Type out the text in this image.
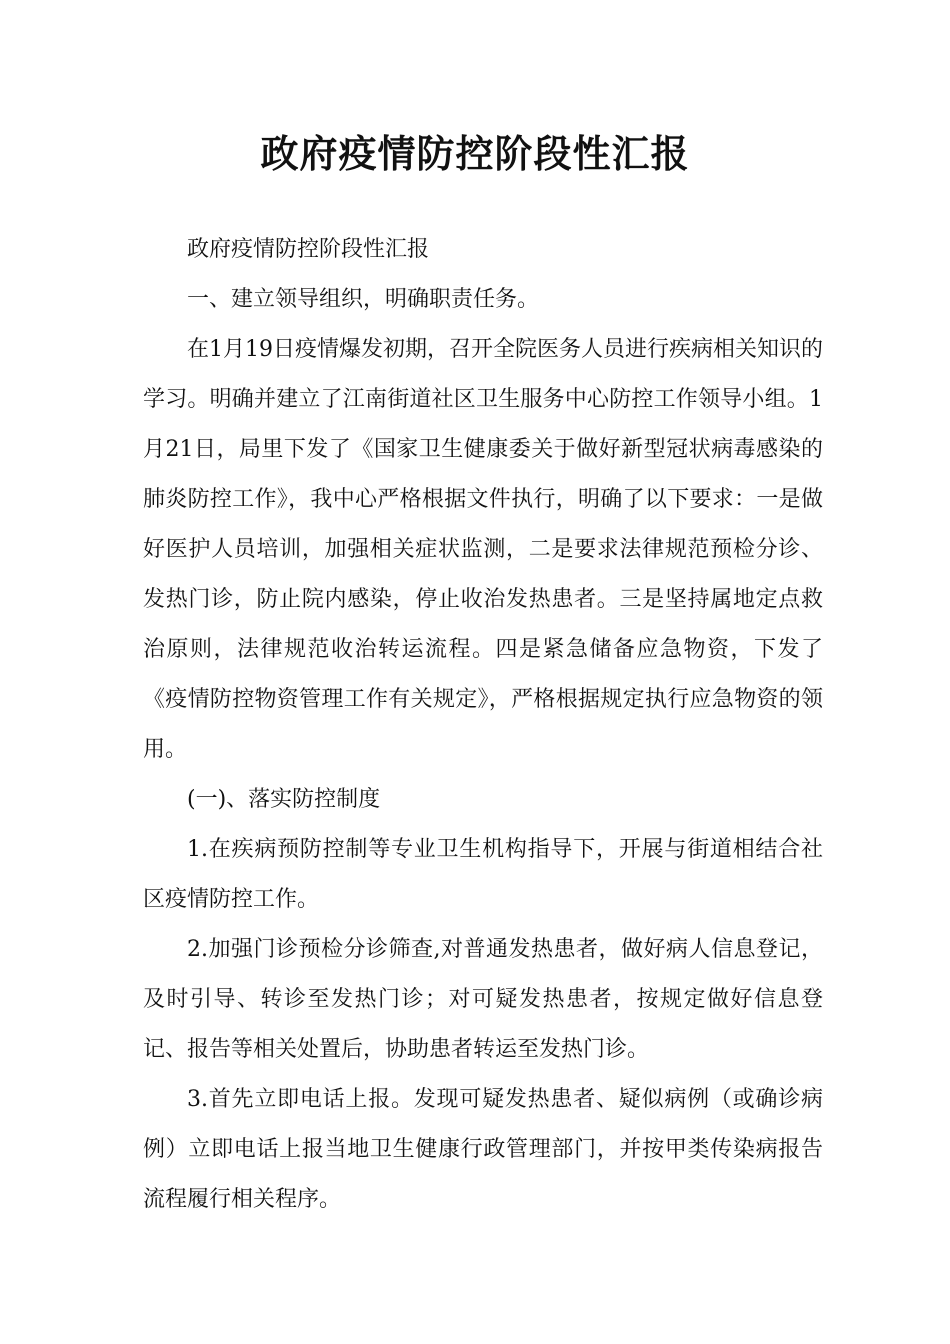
政府疫情防控阶段性汇报

政府疫情防控阶段性汇报

一、建立领导组织，明确职责任务。

在1月19日疫情爆发初期，召开全院医务人员进行疾病相关知识的学习。明确并建立了江南街道社区卫生服务中心防控工作领导小组。1月21日，局里下发了《国家卫生健康委关于做好新型冠状病毒感染的肺炎防控工作》，我中心严格根据文件执行，明确了以下要求：一是做好医护人员培训，加强相关症状监测，二是要求法律规范预检分诊、发热门诊，防止院内感染，停止收治发热患者。三是坚持属地定点救治原则，法律规范收治转运流程。四是紧急储备应急物资，下发了《疫情防控物资管理工作有关规定》，严格根据规定执行应急物资的领用。

(一)、落实防控制度

1.在疾病预防控制等专业卫生机构指导下，开展与街道相结合社区疫情防控工作。

2.加强门诊预检分诊筛查,对普通发热患者，做好病人信息登记，及时引导、转诊至发热门诊；对可疑发热患者，按规定做好信息登记、报告等相关处置后，协助患者转运至发热门诊。

3.首先立即电话上报。发现可疑发热患者、疑似病例（或确诊病例）立即电话上报当地卫生健康行政管理部门，并按甲类传染病报告流程履行相关程序。
